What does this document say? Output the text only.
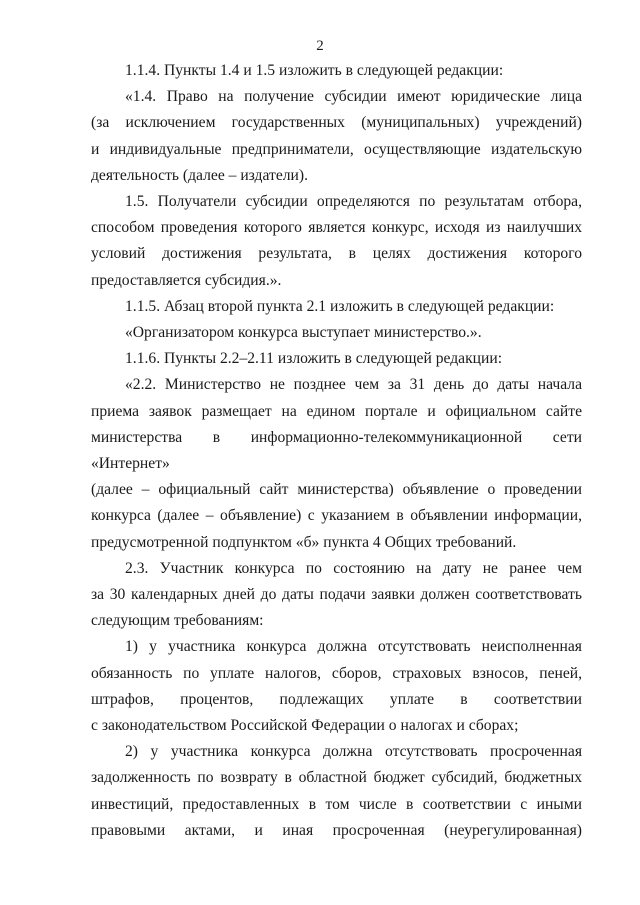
2
1.1.4. Пункты 1.4 и 1.5 изложить в следующей редакции:
«1.4. Право на получение субсидии имеют юридические лица
(за исключением государственных (муниципальных) учреждений)
и индивидуальные предприниматели, осуществляющие издательскую
деятельность (далее – издатели).
1.5. Получатели субсидии определяются по результатам отбора,
способом проведения которого является конкурс, исходя из наилучших
условий достижения результата, в целях достижения которого
предоставляется субсидия.».
1.1.5. Абзац второй пункта 2.1 изложить в следующей редакции:
«Организатором конкурса выступает министерство.».
1.1.6. Пункты 2.2–2.11 изложить в следующей редакции:
«2.2. Министерство не позднее чем за 31 день до даты начала
приема заявок размещает на едином портале и официальном сайте
министерства в информационно-телекоммуникационной сети «Интернет»
(далее – официальный сайт министерства) объявление о проведении
конкурса (далее – объявление) с указанием в объявлении информации,
предусмотренной подпунктом «б» пункта 4 Общих требований.
2.3. Участник конкурса по состоянию на дату не ранее чем
за 30 календарных дней до даты подачи заявки должен соответствовать
следующим требованиям:
1) у участника конкурса должна отсутствовать неисполненная
обязанность по уплате налогов, сборов, страховых взносов, пеней,
штрафов, процентов, подлежащих уплате в соответствии
с законодательством Российской Федерации о налогах и сборах;
2) у участника конкурса должна отсутствовать просроченная
задолженность по возврату в областной бюджет субсидий, бюджетных
инвестиций, предоставленных в том числе в соответствии с иными
правовыми актами, и иная просроченная (неурегулированная)
